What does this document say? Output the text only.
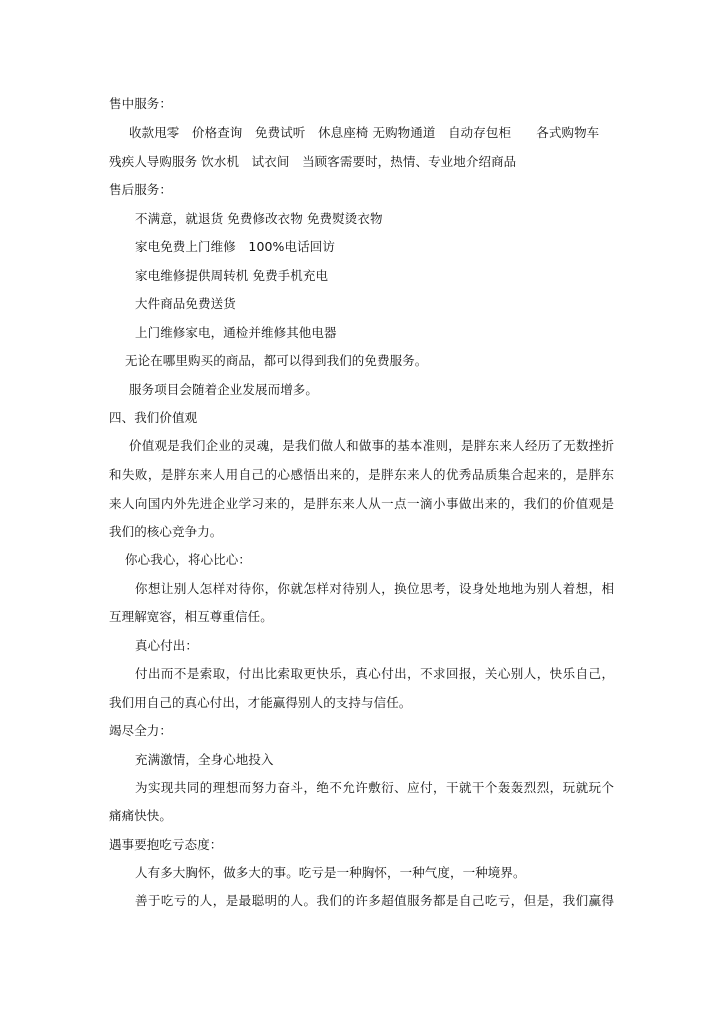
售中服务：
收款甩零　价格查询　免费试听　休息座椅 无购物通道　自动存包柜　　各式购物车
残疾人导购服务 饮水机　试衣间　当顾客需要时，热情、专业地介绍商品
售后服务：
不满意，就退货 免费修改衣物 免费熨烫衣物
家电免费上门维修　100%电话回访
家电维修提供周转机 免费手机充电
大件商品免费送货
上门维修家电，通检并维修其他电器
无论在哪里购买的商品，都可以得到我们的免费服务。
服务项目会随着企业发展而增多。
四、我们价值观
价值观是我们企业的灵魂，是我们做人和做事的基本准则，是胖东来人经历了无数挫折
和失败，是胖东来人用自己的心感悟出来的，是胖东来人的优秀品质集合起来的，是胖东
来人向国内外先进企业学习来的，是胖东来人从一点一滴小事做出来的，我们的价值观是
我们的核心竞争力。
你心我心，将心比心：
你想让别人怎样对待你，你就怎样对待别人，换位思考，设身处地地为别人着想，相
互理解宽容，相互尊重信任。
真心付出：
付出而不是索取，付出比索取更快乐，真心付出，不求回报，关心别人，快乐自己，
我们用自己的真心付出，才能赢得别人的支持与信任。
竭尽全力：
充满激情，全身心地投入
为实现共同的理想而努力奋斗，绝不允许敷衍、应付，干就干个轰轰烈烈，玩就玩个
痛痛快快。
遇事要抱吃亏态度：
人有多大胸怀，做多大的事。吃亏是一种胸怀，一种气度，一种境界。
善于吃亏的人，是最聪明的人。我们的许多超值服务都是自己吃亏，但是，我们赢得
